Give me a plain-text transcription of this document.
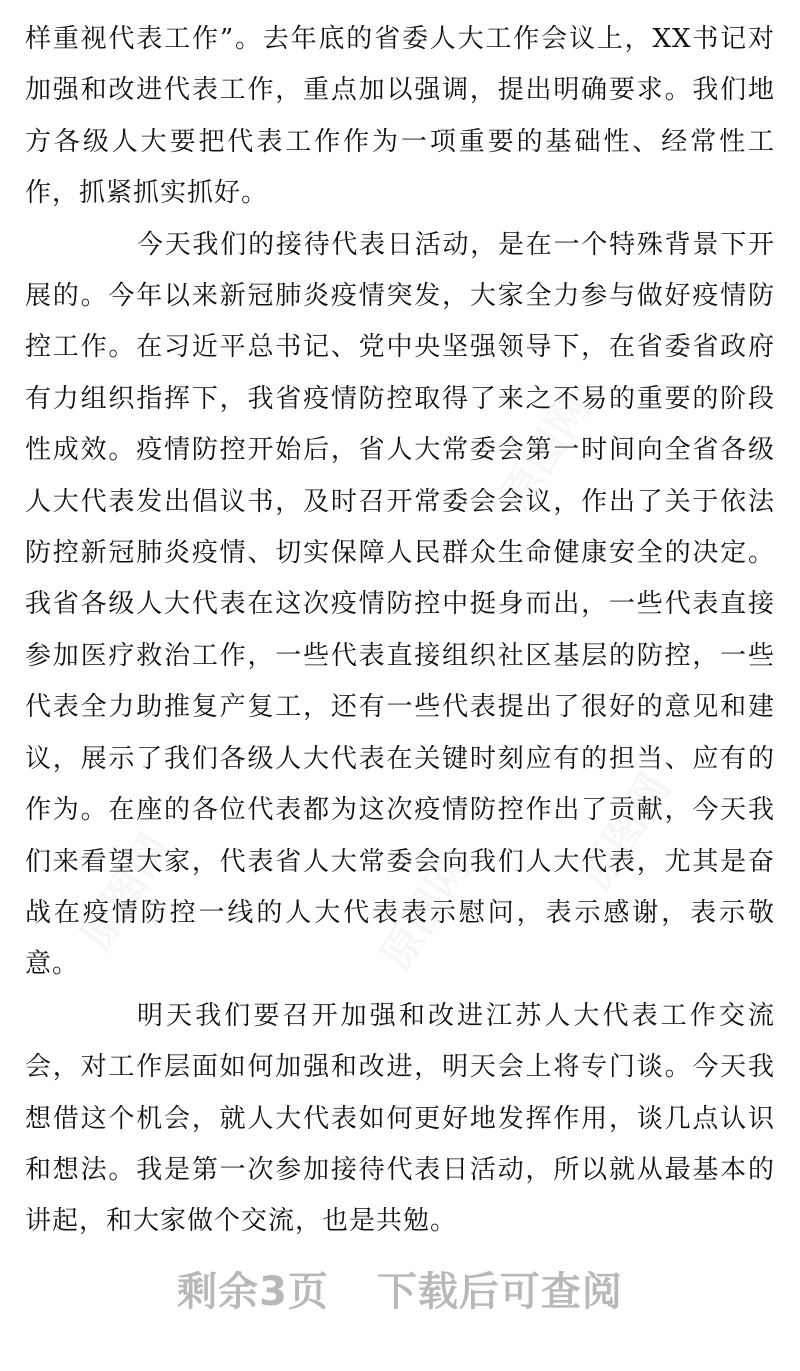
样重视代表工作”。去年底的省委人大工作会议上，XX书记对加强和改进代表工作，重点加以强调，提出明确要求。我们地方各级人大要把代表工作作为一项重要的基础性、经常性工作，抓紧抓实抓好。

今天我们的接待代表日活动，是在一个特殊背景下开展的。今年以来新冠肺炎疫情突发，大家全力参与做好疫情防控工作。在习近平总书记、党中央坚强领导下，在省委省政府有力组织指挥下，我省疫情防控取得了来之不易的重要的阶段性成效。疫情防控开始后，省人大常委会第一时间向全省各级人大代表发出倡议书，及时召开常委会会议，作出了关于依法防控新冠肺炎疫情、切实保障人民群众生命健康安全的决定。我省各级人大代表在这次疫情防控中挺身而出，一些代表直接参加医疗救治工作，一些代表直接组织社区基层的防控，一些代表全力助推复产复工，还有一些代表提出了很好的意见和建议，展示了我们各级人大代表在关键时刻应有的担当、应有的作为。在座的各位代表都为这次疫情防控作出了贡献，今天我们来看望大家，代表省人大常委会向我们人大代表，尤其是奋战在疫情防控一线的人大代表表示慰问，表示感谢，表示敬意。

明天我们要召开加强和改进江苏人大代表工作交流会，对工作层面如何加强和改进，明天会上将专门谈。今天我想借这个机会，就人大代表如何更好地发挥作用，谈几点认识和想法。我是第一次参加接待代表日活动，所以就从最基本的讲起，和大家做个交流，也是共勉。

剩余3页 下载后可查阅
